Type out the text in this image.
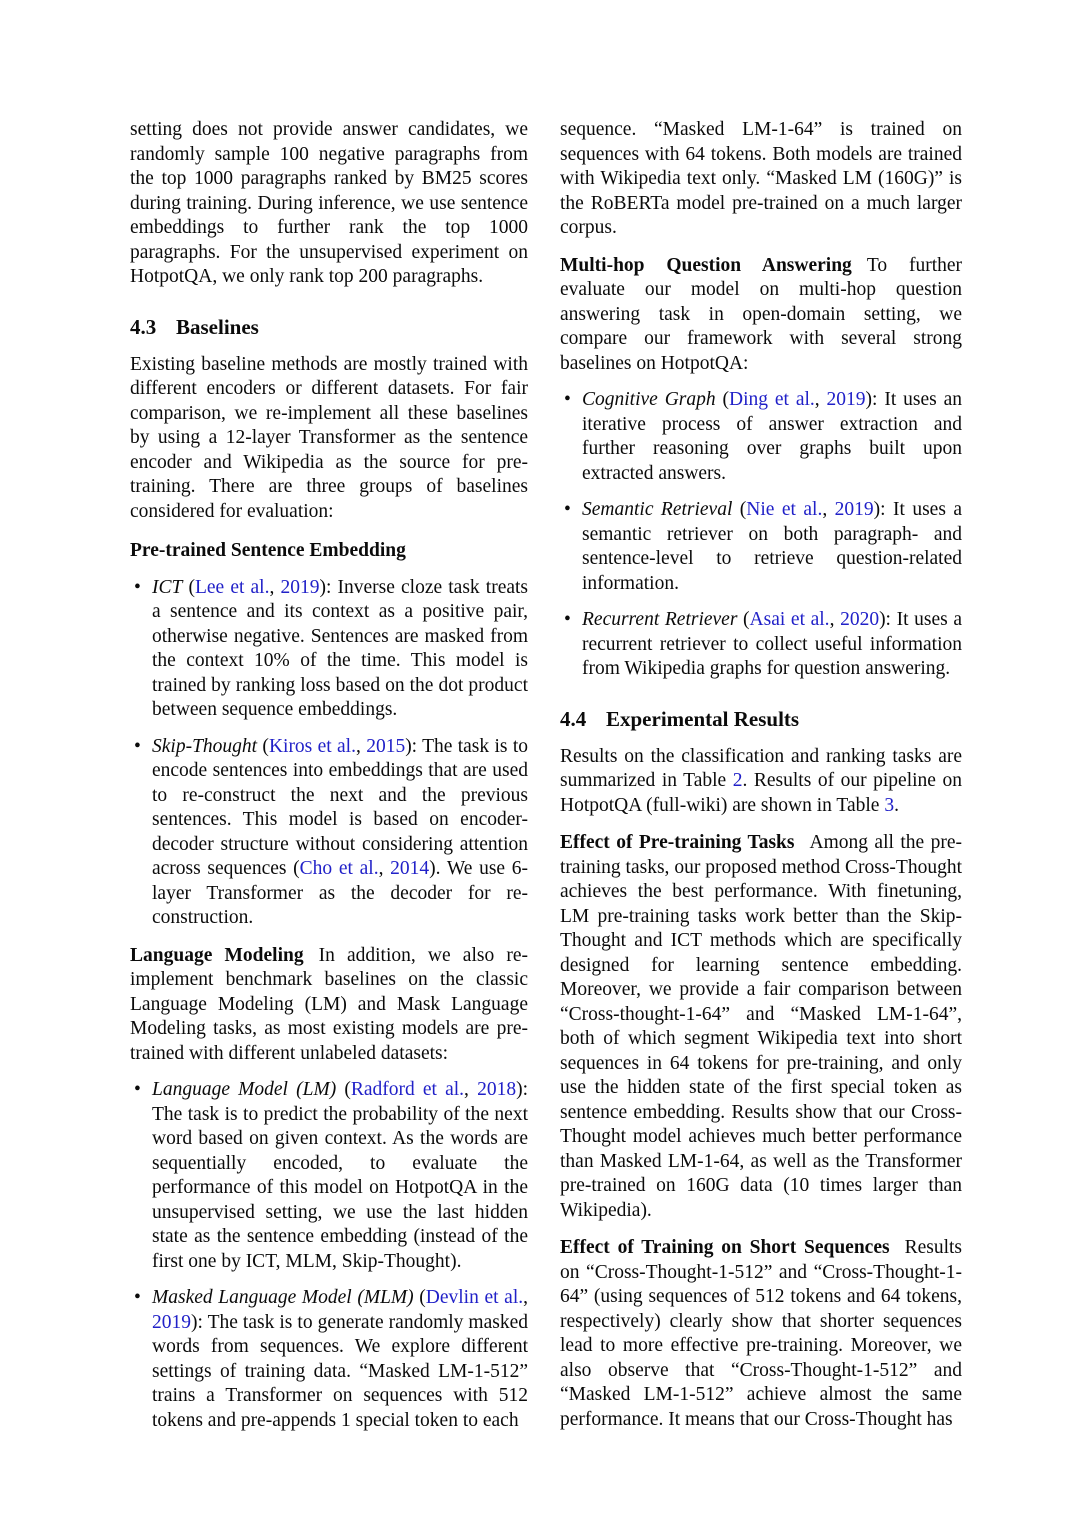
setting does not provide answer candidates, we randomly sample 100 negative paragraphs from the top 1000 paragraphs ranked by BM25 scores during training. During inference, we use sentence embeddings to further rank the top 1000 paragraphs. For the unsupervised experiment on HotpotQA, we only rank top 200 paragraphs.

4.3 Baselines

Existing baseline methods are mostly trained with different encoders or different datasets. For fair comparison, we re-implement all these baselines by using a 12-layer Transformer as the sentence encoder and Wikipedia as the source for pre-training. There are three groups of baselines considered for evaluation:

Pre-trained Sentence Embedding
• ICT (Lee et al., 2019): Inverse cloze task treats a sentence and its context as a positive pair, otherwise negative. Sentences are masked from the context 10% of the time. This model is trained by ranking loss based on the dot product between sequence embeddings.
• Skip-Thought (Kiros et al., 2015): The task is to encode sentences into embeddings that are used to re-construct the next and the previous sentences. This model is based on encoder-decoder structure without considering attention across sequences (Cho et al., 2014). We use 6-layer Transformer as the decoder for re-construction.

Language Modeling In addition, we also re-implement benchmark baselines on the classic Language Modeling (LM) and Mask Language Modeling tasks, as most existing models are pre-trained with different unlabeled datasets:

• Language Model (LM) (Radford et al., 2018): The task is to predict the probability of the next word based on given context. As the words are sequentially encoded, to evaluate the performance of this model on HotpotQA in the unsupervised setting, we use the last hidden state as the sentence embedding (instead of the first one by ICT, MLM, Skip-Thought).
• Masked Language Model (MLM) (Devlin et al., 2019): The task is to generate randomly masked words from sequences. We explore different settings of training data. “Masked LM-1-512” trains a Transformer on sequences with 512 tokens and pre-appends 1 special token to each

sequence. “Masked LM-1-64” is trained on sequences with 64 tokens. Both models are trained with Wikipedia text only. “Masked LM (160G)” is the RoBERTa model pre-trained on a much larger corpus.

Multi-hop Question Answering To further evaluate our model on multi-hop question answering task in open-domain setting, we compare our framework with several strong baselines on HotpotQA:

• Cognitive Graph (Ding et al., 2019): It uses an iterative process of answer extraction and further reasoning over graphs built upon extracted answers.
• Semantic Retrieval (Nie et al., 2019): It uses a semantic retriever on both paragraph- and sentence-level to retrieve question-related information.
• Recurrent Retriever (Asai et al., 2020): It uses a recurrent retriever to collect useful information from Wikipedia graphs for question answering.
4.4 Experimental Results

Results on the classification and ranking tasks are summarized in Table 2. Results of our pipeline on HotpotQA (full-wiki) are shown in Table 3.

Effect of Pre-training Tasks Among all the pre-training tasks, our proposed method Cross-Thought achieves the best performance. With finetuning, LM pre-training tasks work better than the Skip-Thought and ICT methods which are specifically designed for learning sentence embedding. Moreover, we provide a fair comparison between “Cross-thought-1-64” and “Masked LM-1-64”, both of which segment Wikipedia text into short sequences in 64 tokens for pre-training, and only use the hidden state of the first special token as sentence embedding. Results show that our Cross-Thought model achieves much better performance than Masked LM-1-64, as well as the Transformer pre-trained on 160G data (10 times larger than Wikipedia).

Effect of Training on Short Sequences Results on “Cross-Thought-1-512” and “Cross-Thought-1-64” (using sequences of 512 tokens and 64 tokens, respectively) clearly show that shorter sequences lead to more effective pre-training. Moreover, we also observe that “Cross-Thought-1-512” and “Masked LM-1-512” achieve almost the same performance. It means that our Cross-Thought has
